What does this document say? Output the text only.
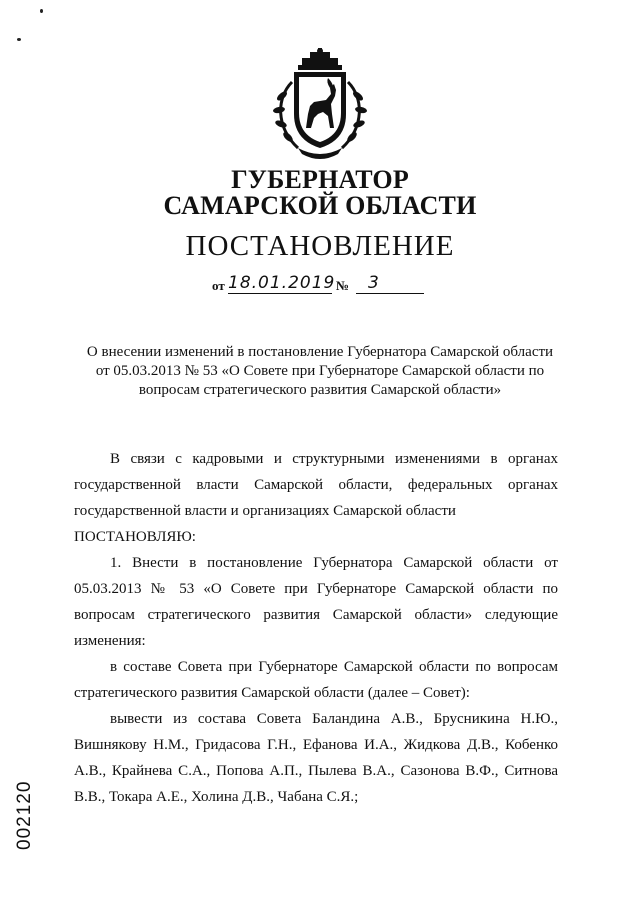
ГУБЕРНАТОР
САМАРСКОЙ ОБЛАСТИ
ПОСТАНОВЛЕНИЕ
от 18.01.2019 № 3
О внесении изменений в постановление Губернатора Самарской области
от 05.03.2013 № 53 «О Совете при Губернаторе Самарской области по
вопросам стратегического развития Самарской области»

В связи с кадровыми и структурными изменениями в органах государственной власти Самарской области, федеральных органах государственной власти и организациях Самарской области

ПОСТАНОВЛЯЮ:

1. Внести в постановление Губернатора Самарской области от 05.03.2013 № 53 «О Совете при Губернаторе Самарской области по вопросам стратегического развития Самарской области» следующие изменения:

в составе Совета при Губернаторе Самарской области по вопросам стратегического развития Самарской области (далее – Совет):

вывести из состава Совета Баландина А.В., Брусникина Н.Ю., Вишнякову Н.М., Гридасова Г.Н., Ефанова И.А., Жидкова Д.В., Кобенко А.В., Крайнева С.А., Попова А.П., Пылева В.А., Сазонова В.Ф., Ситнова В.В., Токара А.Е., Холина Д.В., Чабана С.Я.;

002120
